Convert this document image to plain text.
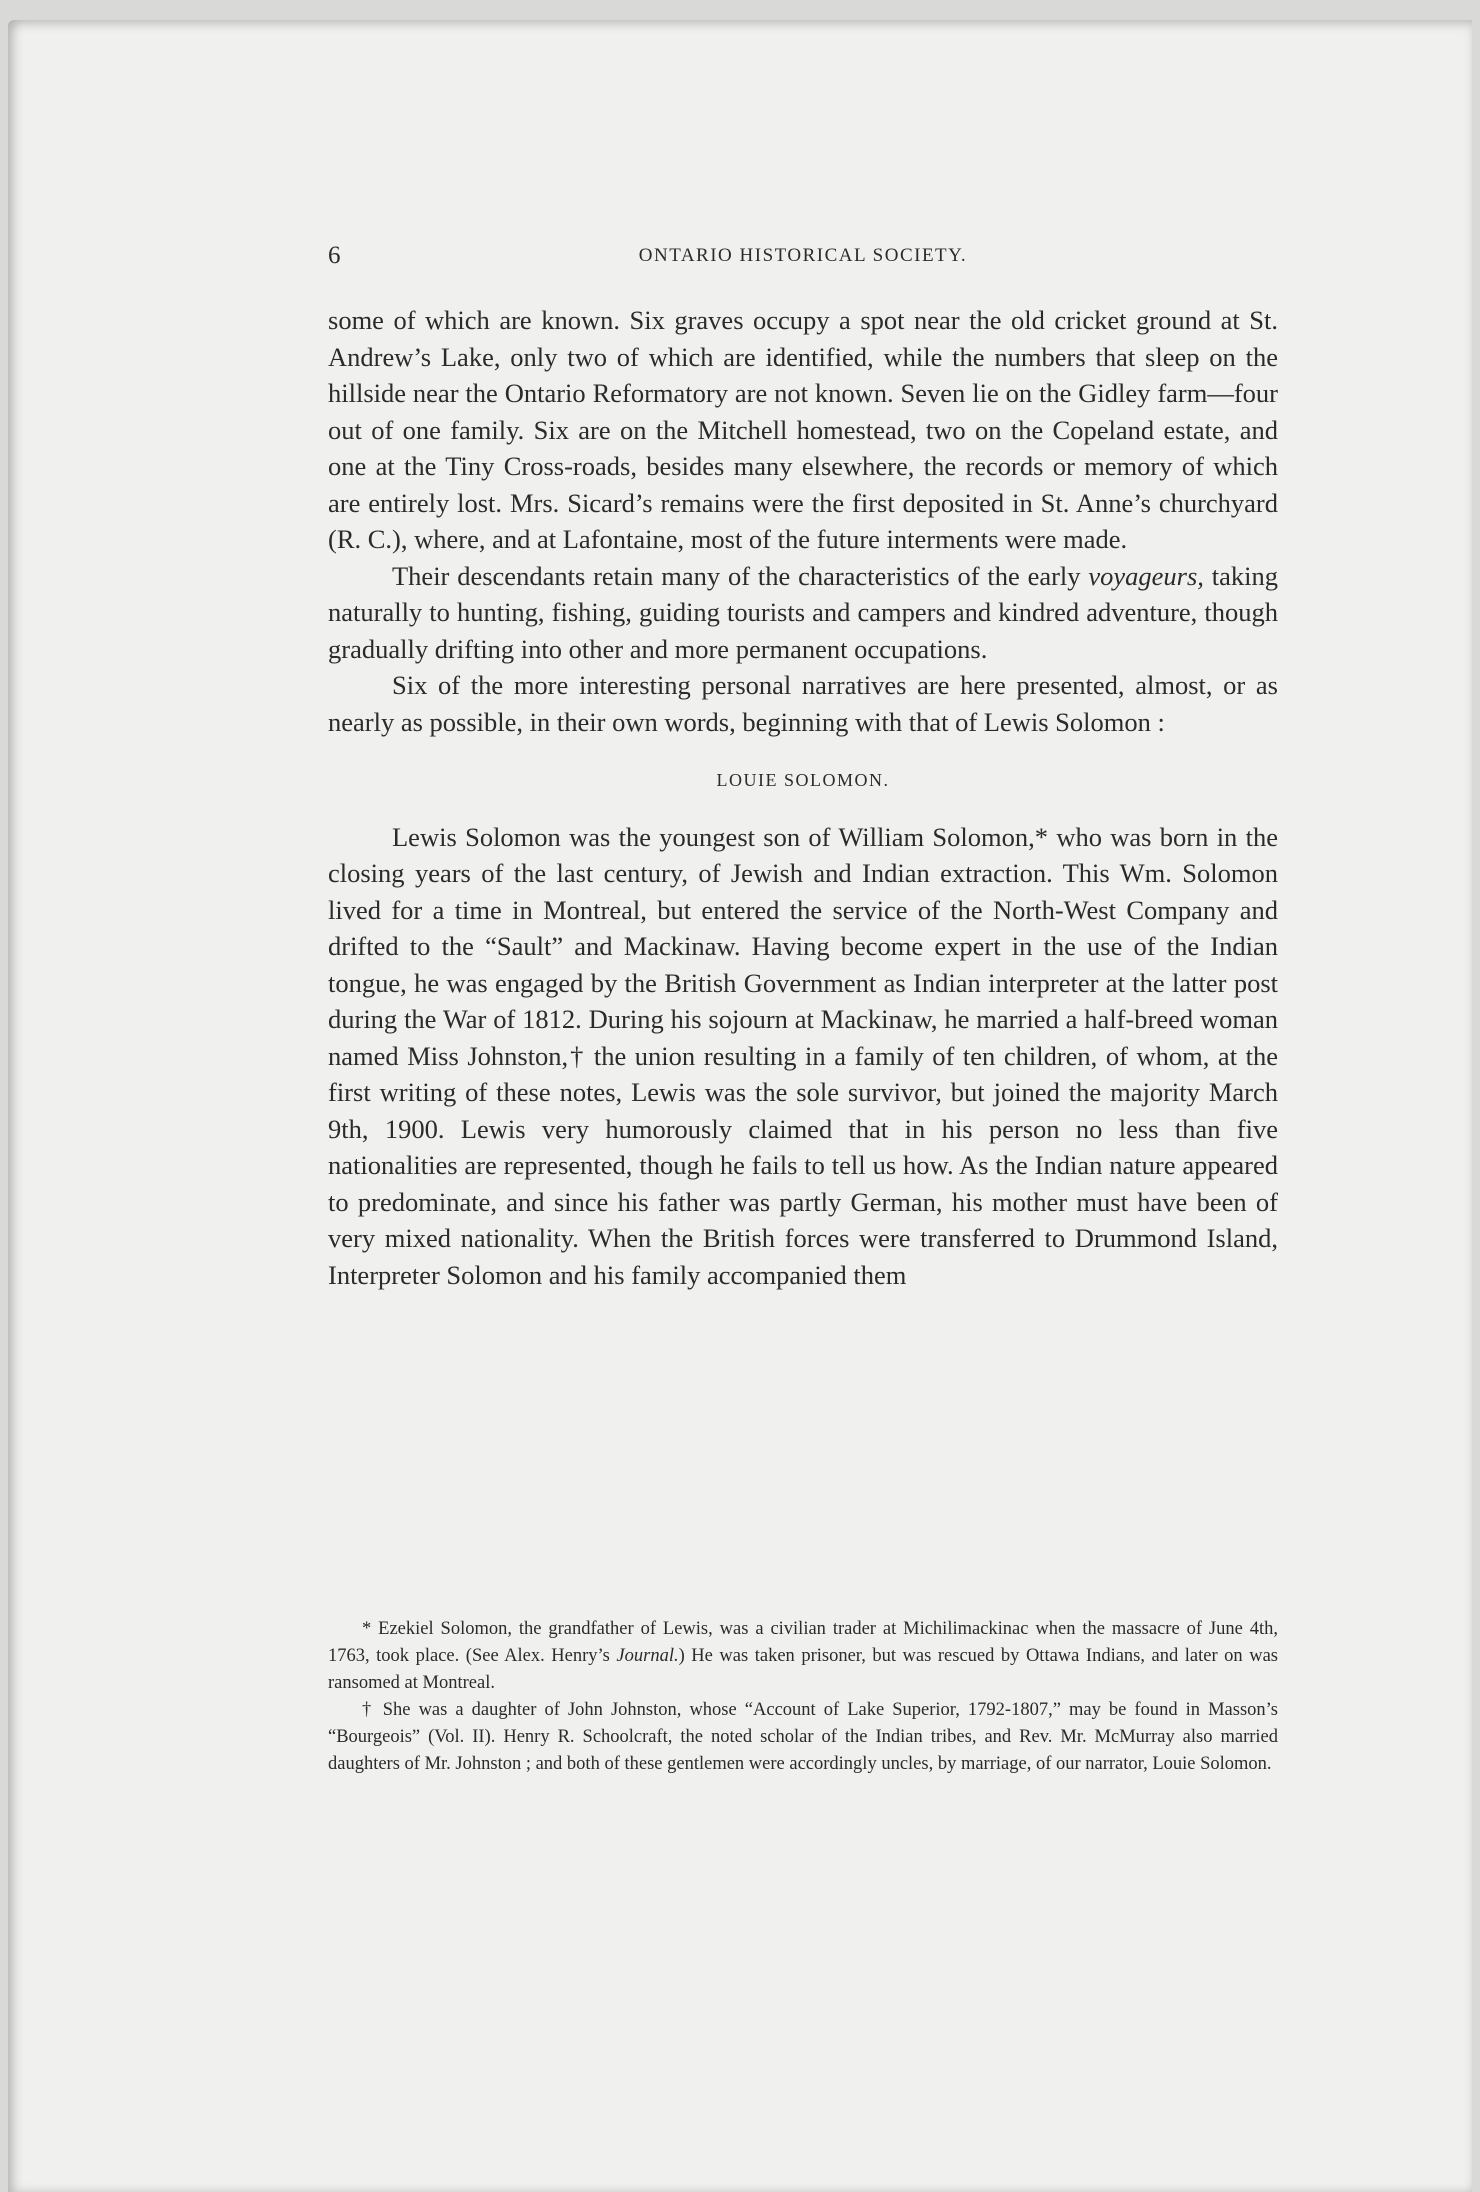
6	ONTARIO HISTORICAL SOCIETY.

some of which are known. Six graves occupy a spot near the old cricket ground at St. Andrew’s Lake, only two of which are identified, while the numbers that sleep on the hillside near the Ontario Reformatory are not known. Seven lie on the Gidley farm—four out of one family. Six are on the Mitchell homestead, two on the Copeland estate, and one at the Tiny Cross-roads, besides many elsewhere, the records or memory of which are entirely lost. Mrs. Sicard’s remains were the first deposited in St. Anne’s churchyard (R. C.), where, and at Lafontaine, most of the future interments were made.

Their descendants retain many of the characteristics of the early voyageurs, taking naturally to hunting, fishing, guiding tourists and campers and kindred adventure, though gradually drifting into other and more permanent occupations.

Six of the more interesting personal narratives are here presented, almost, or as nearly as possible, in their own words, beginning with that of Lewis Solomon :

LOUIE SOLOMON.

Lewis Solomon was the youngest son of William Solomon,* who was born in the closing years of the last century, of Jewish and Indian extraction. This Wm. Solomon lived for a time in Montreal, but entered the service of the North-West Company and drifted to the “Sault” and Mackinaw. Having become expert in the use of the Indian tongue, he was engaged by the British Government as Indian interpreter at the latter post during the War of 1812. During his sojourn at Mackinaw, he married a half-breed woman named Miss Johnston,† the union resulting in a family of ten children, of whom, at the first writing of these notes, Lewis was the sole survivor, but joined the majority March 9th, 1900. Lewis very humorously claimed that in his person no less than five nationalities are represented, though he fails to tell us how. As the Indian nature appeared to predominate, and since his father was partly German, his mother must have been of very mixed nationality. When the British forces were transferred to Drummond Island, Interpreter Solomon and his family accompanied them

* Ezekiel Solomon, the grandfather of Lewis, was a civilian trader at Michilimackinac when the massacre of June 4th, 1763, took place. (See Alex. Henry’s Journal.) He was taken prisoner, but was rescued by Ottawa Indians, and later on was ransomed at Montreal.

† She was a daughter of John Johnston, whose “Account of Lake Superior, 1792-1807,” may be found in Masson’s “Bourgeois” (Vol. II). Henry R. Schoolcraft, the noted scholar of the Indian tribes, and Rev. Mr. McMurray also married daughters of Mr. Johnston ; and both of these gentlemen were accordingly uncles, by marriage, of our narrator, Louie Solomon.
